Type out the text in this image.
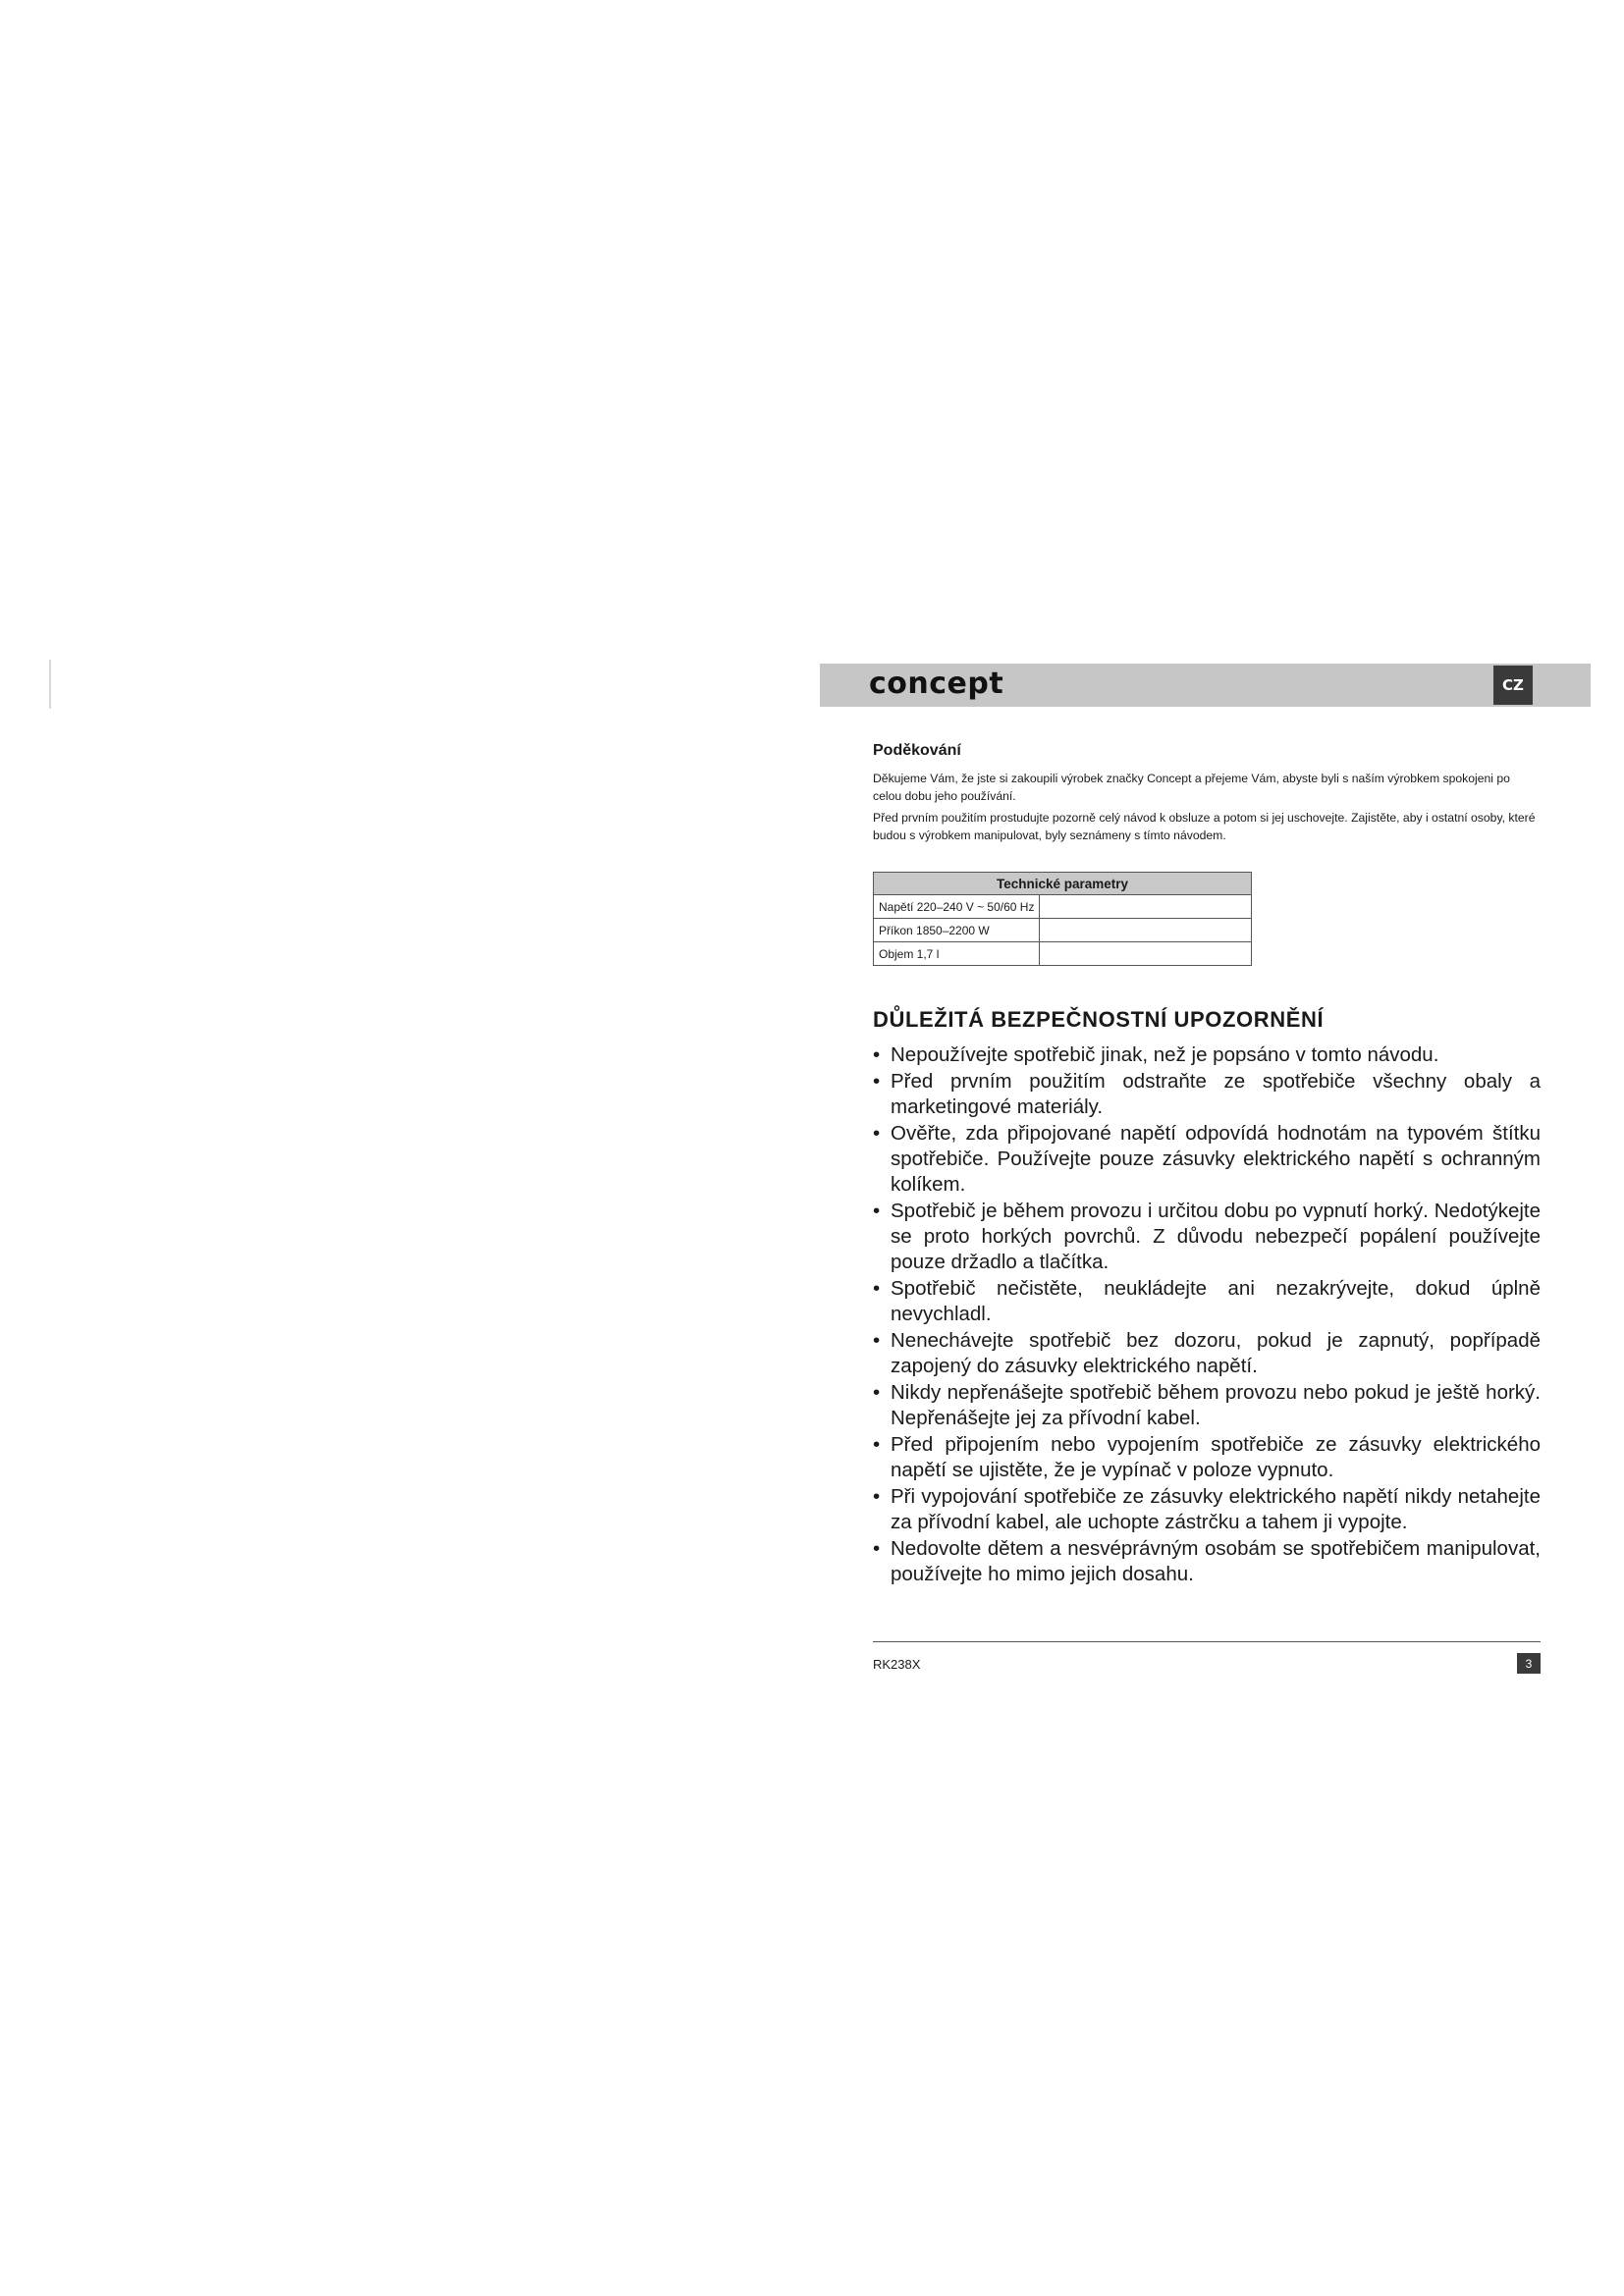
concept	CZ
Poděkování

Děkujeme Vám, že jste si zakoupili výrobek značky Concept a přejeme Vám, abyste byli s naším výrobkem spokojeni po celou dobu jeho používání.

Před prvním použitím prostudujte pozorně celý návod k obsluze a potom si jej uschovejte. Zajistěte, aby i ostatní osoby, které budou s výrobkem manipulovat, byly seznámeny s tímto návodem.

Technické parametry	
Napětí 220–240 V ~ 50/60 Hz	
Příkon 1850–2200 W	
Objem 1,7 l	
DŮLEŽITÁ BEZPEČNOSTNÍ UPOZORNĚNÍ
• Nepoužívejte spotřebič jinak, než je popsáno v tomto návodu.
• Před prvním použitím odstraňte ze spotřebiče všechny obaly a marketingové materiály.
• Ověřte, zda připojované napětí odpovídá hodnotám na typovém štítku spotřebiče. Používejte pouze zásuvky elektrického napětí s ochranným kolíkem.
• Spotřebič je během provozu i určitou dobu po vypnutí horký. Nedotýkejte se proto horkých povrchů. Z důvodu nebezpečí popálení používejte pouze držadlo a tlačítka.
• Spotřebič nečistěte, neukládejte ani nezakrývejte, dokud úplně nevychladl.
• Nenechávejte spotřebič bez dozoru, pokud je zapnutý, popřípadě zapojený do zásuvky elektrického napětí.
• Nikdy nepřenášejte spotřebič během provozu nebo pokud je ještě horký. Nepřenášejte jej za přívodní kabel.
• Před připojením nebo vypojením spotřebiče ze zásuvky elektrického napětí se ujistěte, že je vypínač v poloze vypnuto.
• Při vypojování spotřebiče ze zásuvky elektrického napětí nikdy netahejte za přívodní kabel, ale uchopte zástrčku a tahem ji vypojte.
• Nedovolte dětem a nesvéprávným osobám se spotřebičem manipulovat, používejte ho mimo jejich dosahu.
RK238X	3
